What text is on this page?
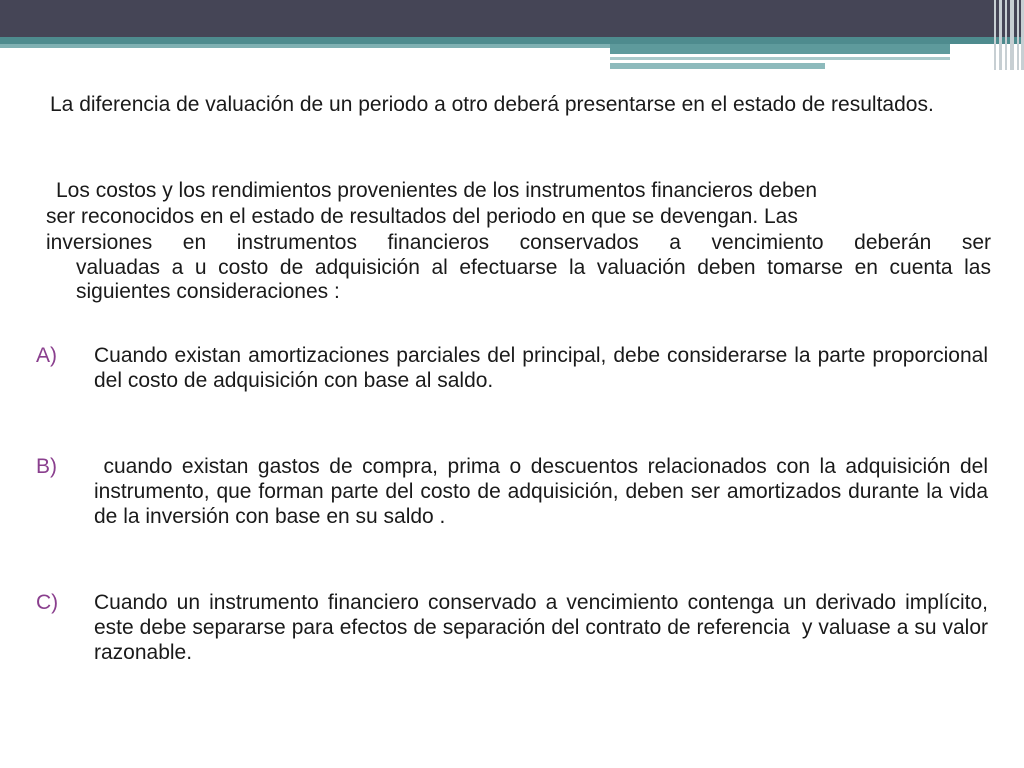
La diferencia de valuación de un periodo a otro deberá presentarse en el estado de resultados.

Los costos y los rendimientos provenientes de los instrumentos financieros deben
ser reconocidos en el estado de resultados del periodo en que se devengan. Las
inversiones en instrumentos financieros conservados a vencimiento deberán ser
valuadas a u costo de adquisición al efectuarse la valuación deben tomarse en cuenta las siguientes consideraciones :

A) Cuando existan amortizaciones parciales del principal, debe considerarse la parte proporcional del costo de adquisición con base al saldo.
B) cuando existan gastos de compra, prima o descuentos relacionados con la adquisición del instrumento, que forman parte del costo de adquisición, deben ser amortizados durante la vida de la inversión con base en su saldo .
C) Cuando un instrumento financiero conservado a vencimiento contenga un derivado implícito, este debe separarse para efectos de separación del contrato de referencia  y valuase a su valor razonable.
